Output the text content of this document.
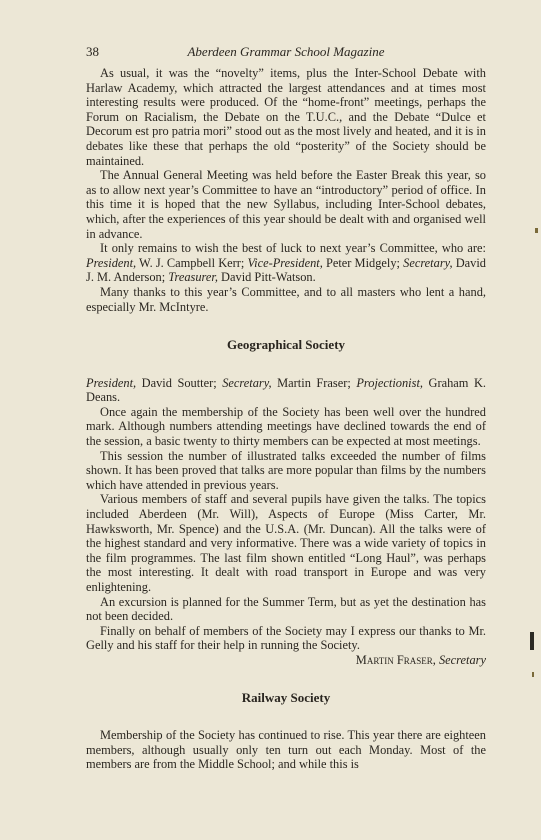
38	Aberdeen Grammar School Magazine

As usual, it was the “novelty” items, plus the Inter-School Debate with Harlaw Academy, which attracted the largest attendances and at times most interesting results were produced. Of the “home-front” meetings, perhaps the Forum on Racialism, the Debate on the T.U.C., and the Debate “Dulce et Decorum est pro patria mori” stood out as the most lively and heated, and it is in debates like these that perhaps the old “posterity” of the Society should be maintained.

The Annual General Meeting was held before the Easter Break this year, so as to allow next year’s Committee to have an “introductory” period of office. In this time it is hoped that the new Syllabus, including Inter-School debates, which, after the experiences of this year should be dealt with and organised well in advance.

It only remains to wish the best of luck to next year’s Committee, who are: President, W. J. Campbell Kerr; Vice-President, Peter Midgely; Secretary, David J. M. Anderson; Treasurer, David Pitt-Watson.

Many thanks to this year’s Committee, and to all masters who lent a hand, especially Mr. McIntyre.

Geographical Society

President, David Soutter; Secretary, Martin Fraser; Projectionist, Graham K. Deans.

Once again the membership of the Society has been well over the hundred mark. Although numbers attending meetings have declined towards the end of the session, a basic twenty to thirty members can be expected at most meetings.

This session the number of illustrated talks exceeded the number of films shown. It has been proved that talks are more popular than films by the numbers which have attended in previous years.

Various members of staff and several pupils have given the talks. The topics included Aberdeen (Mr. Will), Aspects of Europe (Miss Carter, Mr. Hawksworth, Mr. Spence) and the U.S.A. (Mr. Duncan). All the talks were of the highest standard and very informative. There was a wide variety of topics in the film programmes. The last film shown entitled “Long Haul”, was perhaps the most interesting. It dealt with road transport in Europe and was very enlightening.

An excursion is planned for the Summer Term, but as yet the destination has not been decided.

Finally on behalf of members of the Society may I express our thanks to Mr. Gelly and his staff for their help in running the Society.

Martin Fraser, Secretary

Railway Society

Membership of the Society has continued to rise. This year there are eighteen members, although usually only ten turn out each Monday. Most of the members are from the Middle School; and while this is
